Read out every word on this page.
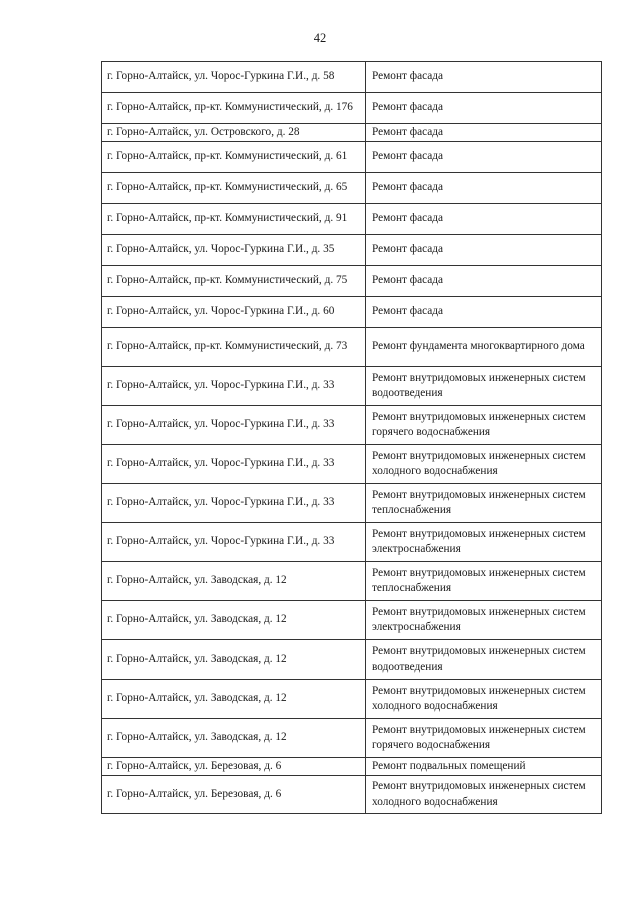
42
г. Горно-Алтайск, ул. Чорос-Гуркина Г.И., д. 58	Ремонт фасада
г. Горно-Алтайск, пр-кт. Коммунистический, д. 176	Ремонт фасада
г. Горно-Алтайск, ул. Островского, д. 28	Ремонт фасада
г. Горно-Алтайск, пр-кт. Коммунистический, д. 61	Ремонт фасада
г. Горно-Алтайск, пр-кт. Коммунистический, д. 65	Ремонт фасада
г. Горно-Алтайск, пр-кт. Коммунистический, д. 91	Ремонт фасада
г. Горно-Алтайск, ул. Чорос-Гуркина Г.И., д. 35	Ремонт фасада
г. Горно-Алтайск, пр-кт. Коммунистический, д. 75	Ремонт фасада
г. Горно-Алтайск, ул. Чорос-Гуркина Г.И., д. 60	Ремонт фасада
г. Горно-Алтайск, пр-кт. Коммунистический, д. 73	Ремонт фундамента многоквартирного дома
г. Горно-Алтайск, ул. Чорос-Гуркина Г.И., д. 33	Ремонт внутридомовых инженерных систем водоотведения
г. Горно-Алтайск, ул. Чорос-Гуркина Г.И., д. 33	Ремонт внутридомовых инженерных систем горячего водоснабжения
г. Горно-Алтайск, ул. Чорос-Гуркина Г.И., д. 33	Ремонт внутридомовых инженерных систем холодного водоснабжения
г. Горно-Алтайск, ул. Чорос-Гуркина Г.И., д. 33	Ремонт внутридомовых инженерных систем теплоснабжения
г. Горно-Алтайск, ул. Чорос-Гуркина Г.И., д. 33	Ремонт внутридомовых инженерных систем электроснабжения
г. Горно-Алтайск, ул. Заводская, д. 12	Ремонт внутридомовых инженерных систем теплоснабжения
г. Горно-Алтайск, ул. Заводская, д. 12	Ремонт внутридомовых инженерных систем электроснабжения
г. Горно-Алтайск, ул. Заводская, д. 12	Ремонт внутридомовых инженерных систем водоотведения
г. Горно-Алтайск, ул. Заводская, д. 12	Ремонт внутридомовых инженерных систем холодного водоснабжения
г. Горно-Алтайск, ул. Заводская, д. 12	Ремонт внутридомовых инженерных систем горячего водоснабжения
г. Горно-Алтайск, ул. Березовая, д. 6	Ремонт подвальных помещений
г. Горно-Алтайск, ул. Березовая, д. 6	Ремонт внутридомовых инженерных систем холодного водоснабжения
